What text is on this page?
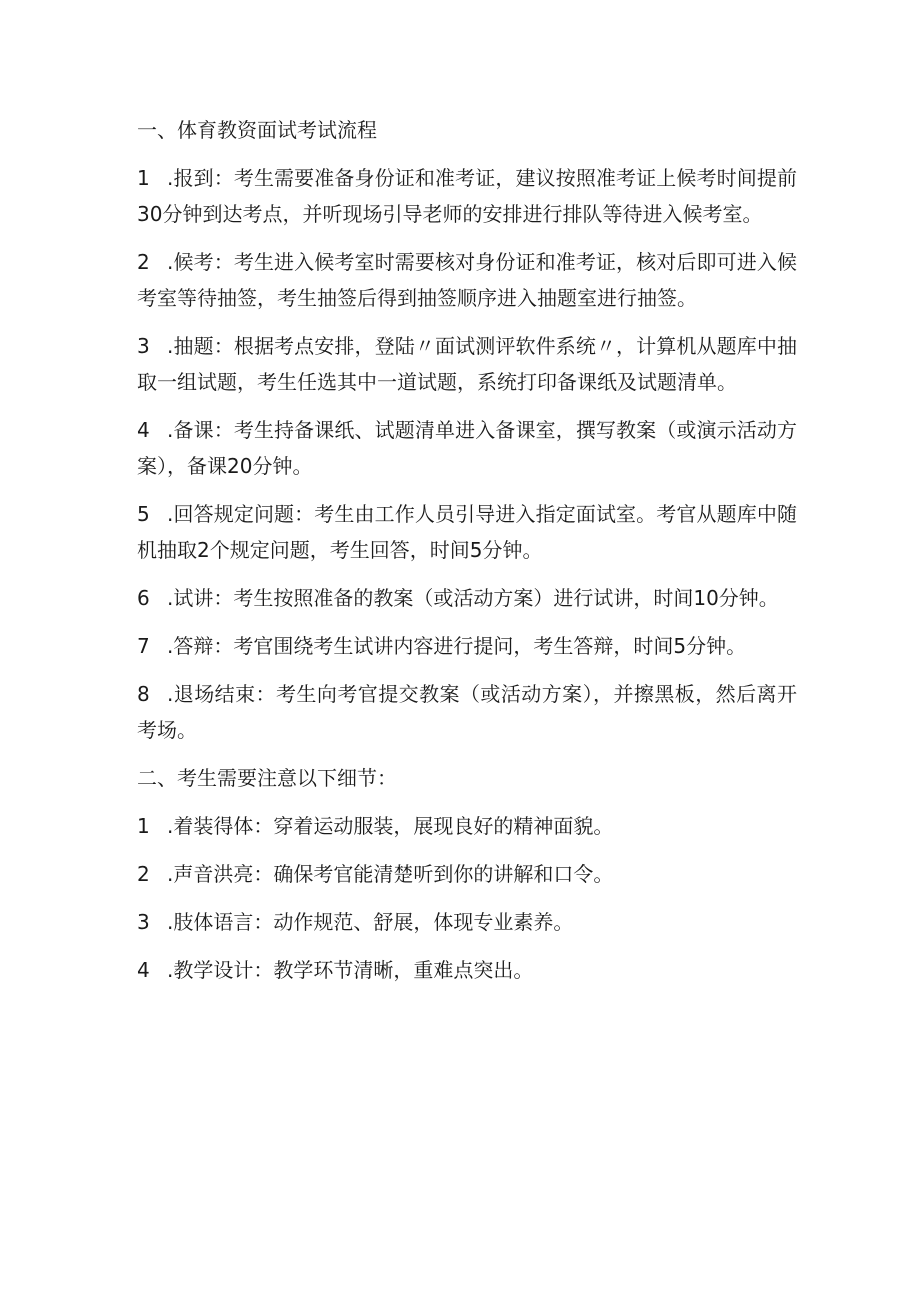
一、体育教资面试考试流程

1 .报到：考生需要准备身份证和准考证，建议按照准考证上候考时间提前30分钟到达考点，并听现场引导老师的安排进行排队等待进入候考室。

2 .候考：考生进入候考室时需要核对身份证和准考证，核对后即可进入候考室等待抽签，考生抽签后得到抽签顺序进入抽题室进行抽签。

3 .抽题：根据考点安排，登陆〃面试测评软件系统〃，计算机从题库中抽取一组试题，考生任选其中一道试题，系统打印备课纸及试题清单。

4 .备课：考生持备课纸、试题清单进入备课室，撰写教案（或演示活动方案），备课20分钟。

5 .回答规定问题：考生由工作人员引导进入指定面试室。考官从题库中随机抽取2个规定问题，考生回答，时间5分钟。

6 .试讲：考生按照准备的教案（或活动方案）进行试讲，时间10分钟。

7 .答辩：考官围绕考生试讲内容进行提问，考生答辩，时间5分钟。

8 .退场结束：考生向考官提交教案（或活动方案），并擦黑板，然后离开考场。

二、考生需要注意以下细节：

1 .着装得体：穿着运动服装，展现良好的精神面貌。

2 .声音洪亮：确保考官能清楚听到你的讲解和口令。

3 .肢体语言：动作规范、舒展，体现专业素养。

4 .教学设计：教学环节清晰，重难点突出。
